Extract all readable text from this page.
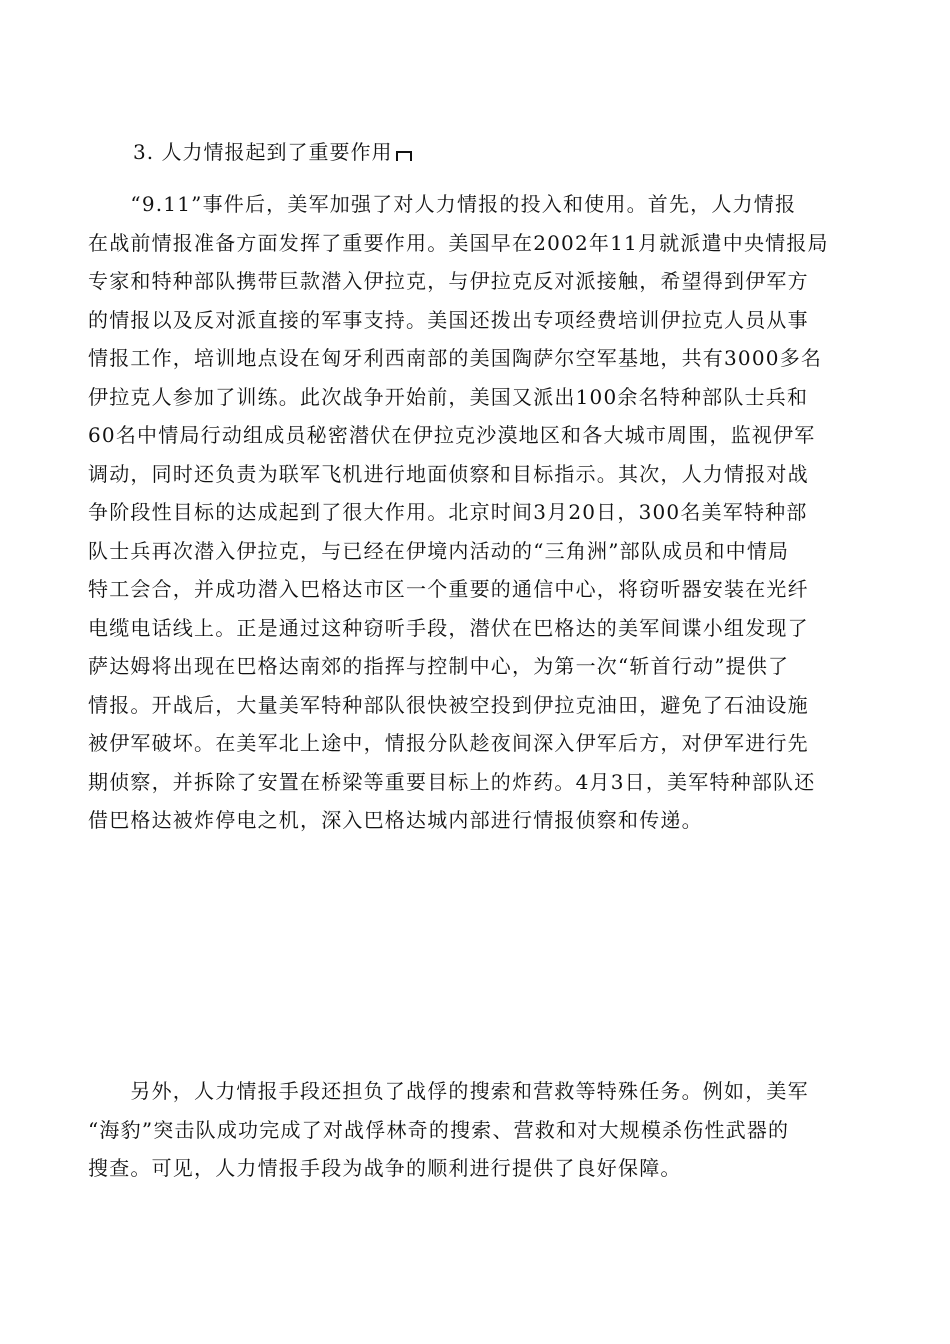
3. 人力情报起到了重要作用
　　“9.11”事件后，美军加强了对人力情报的投入和使用。首先，人力情报
在战前情报准备方面发挥了重要作用。美国早在2002年11月就派遣中央情报局
专家和特种部队携带巨款潜入伊拉克，与伊拉克反对派接触，希望得到伊军方
的情报以及反对派直接的军事支持。美国还拨出专项经费培训伊拉克人员从事
情报工作，培训地点设在匈牙利西南部的美国陶萨尔空军基地，共有3000多名
伊拉克人参加了训练。此次战争开始前，美国又派出100余名特种部队士兵和
60名中情局行动组成员秘密潜伏在伊拉克沙漠地区和各大城市周围，监视伊军
调动，同时还负责为联军飞机进行地面侦察和目标指示。其次，人力情报对战
争阶段性目标的达成起到了很大作用。北京时间3月20日，300名美军特种部
队士兵再次潜入伊拉克，与已经在伊境内活动的“三角洲”部队成员和中情局
特工会合，并成功潜入巴格达市区一个重要的通信中心，将窃听器安装在光纤
电缆电话线上。正是通过这种窃听手段，潜伏在巴格达的美军间谍小组发现了
萨达姆将出现在巴格达南郊的指挥与控制中心，为第一次“斩首行动”提供了
情报。开战后，大量美军特种部队很快被空投到伊拉克油田，避免了石油设施
被伊军破坏。在美军北上途中，情报分队趁夜间深入伊军后方，对伊军进行先
期侦察，并拆除了安置在桥梁等重要目标上的炸药。4月3日，美军特种部队还
借巴格达被炸停电之机，深入巴格达城内部进行情报侦察和传递。
　　另外，人力情报手段还担负了战俘的搜索和营救等特殊任务。例如，美军
“海豹”突击队成功完成了对战俘林奇的搜索、营救和对大规模杀伤性武器的
搜查。可见，人力情报手段为战争的顺利进行提供了良好保障。
